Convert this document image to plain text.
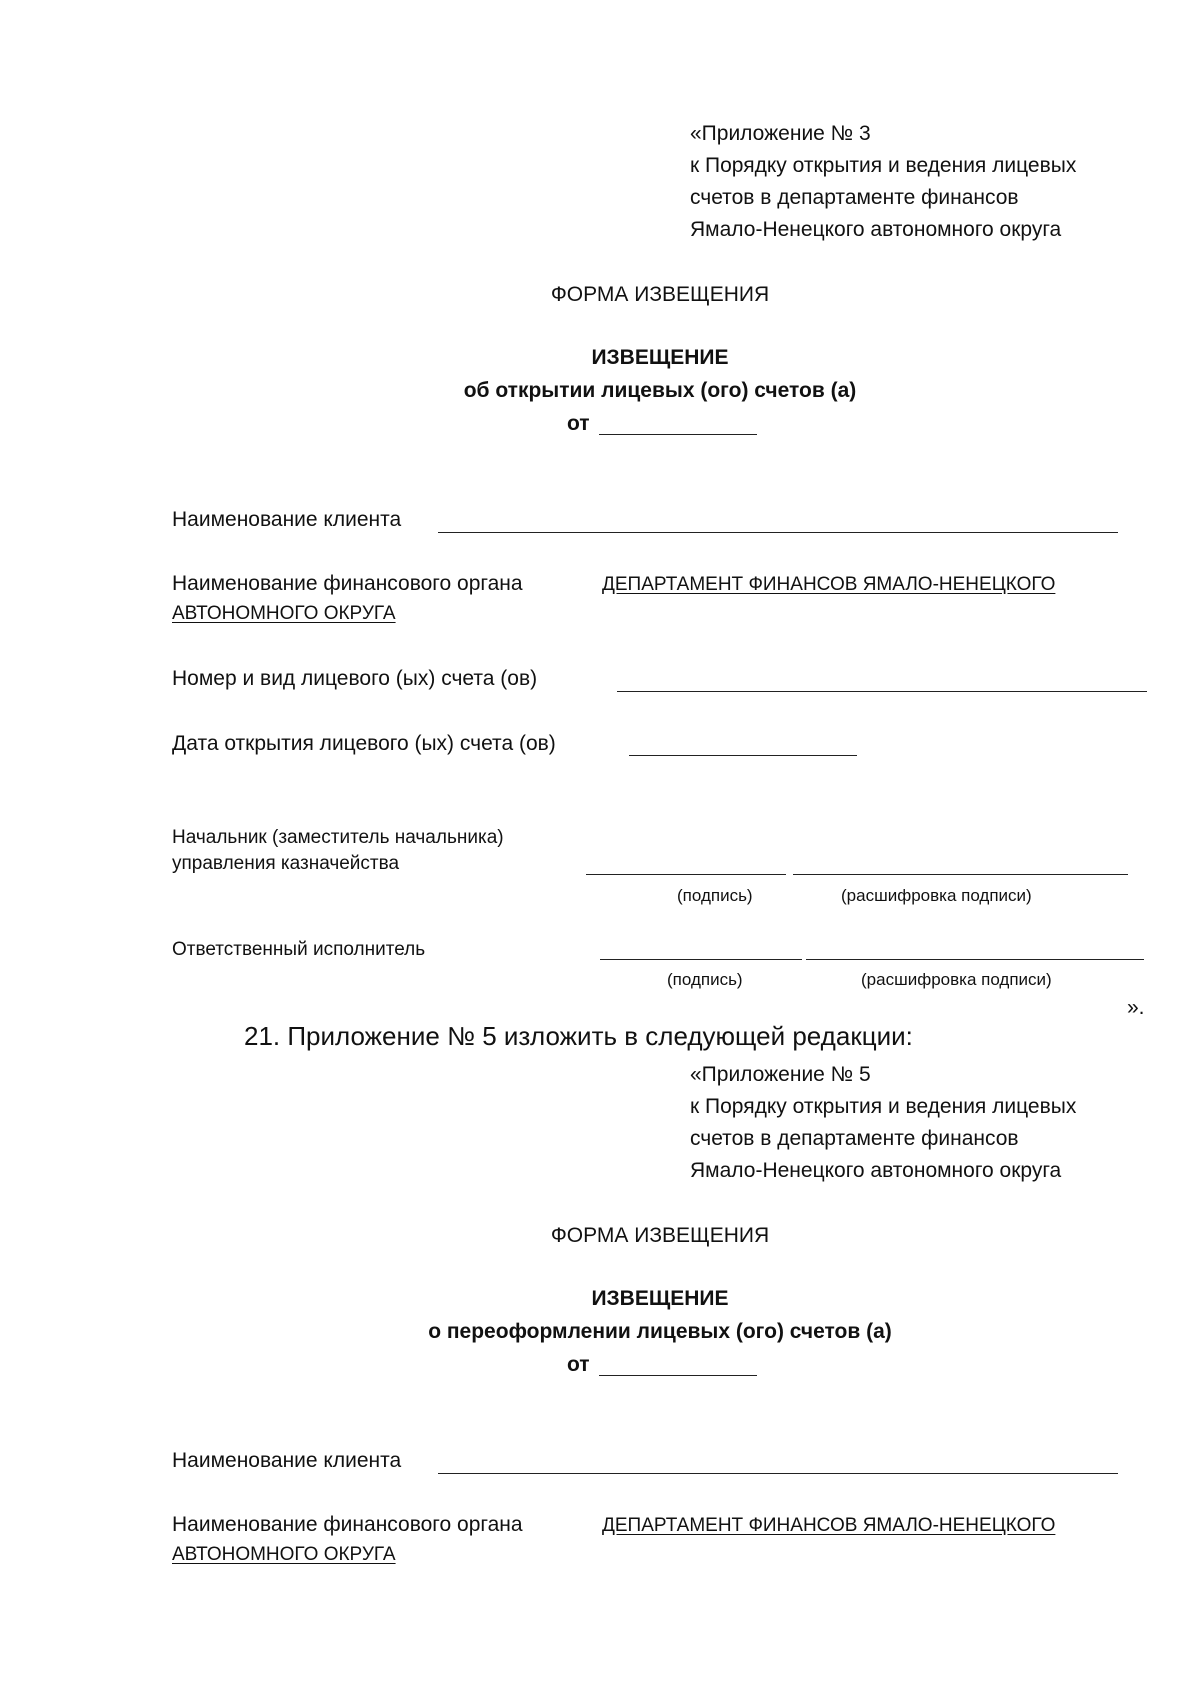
«Приложение № 3
к Порядку открытия и ведения лицевых
счетов в департаменте финансов
Ямало-Ненецкого автономного округа
ФОРМА ИЗВЕЩЕНИЯ
ИЗВЕЩЕНИЕ
об открытии лицевых (ого) счетов (а)
от
Наименование клиента
Наименование финансового органа	ДЕПАРТАМЕНТ ФИНАНСОВ ЯМАЛО-НЕНЕЦКОГО
АВТОНОМНОГО ОКРУГА
Номер и вид лицевого (ых) счета (ов)
Дата открытия лицевого (ых) счета (ов)
Начальник (заместитель начальника)
управления казначейства
(подпись)	(расшифровка подписи)
Ответственный исполнитель
(подпись)	(расшифровка подписи)
».
21. Приложение № 5 изложить в следующей редакции:
«Приложение № 5
к Порядку открытия и ведения лицевых
счетов в департаменте финансов
Ямало-Ненецкого автономного округа
ФОРМА ИЗВЕЩЕНИЯ
ИЗВЕЩЕНИЕ
о переоформлении лицевых (ого) счетов (а)
от
Наименование клиента
Наименование финансового органа	ДЕПАРТАМЕНТ ФИНАНСОВ ЯМАЛО-НЕНЕЦКОГО
АВТОНОМНОГО ОКРУГА
